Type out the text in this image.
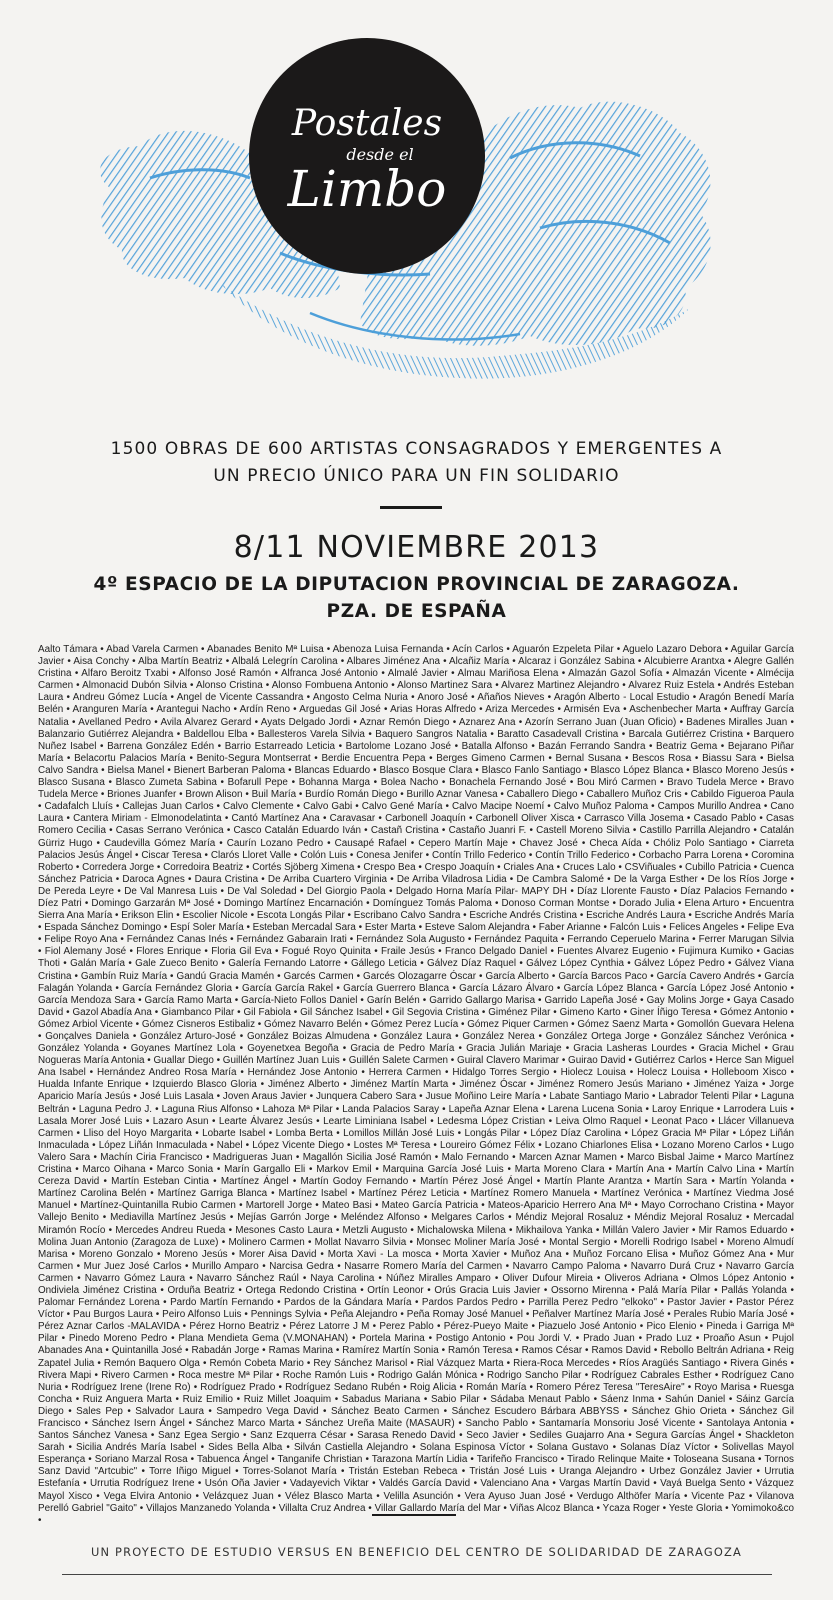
Postales
desde el
Limbo
1500 OBRAS DE 600 ARTISTAS CONSAGRADOS Y EMERGENTES A
UN PRECIO ÚNICO PARA UN FIN SOLIDARIO
8/11 NOVIEMBRE 2013
4º ESPACIO DE LA DIPUTACION PROVINCIAL DE ZARAGOZA.
PZA. DE ESPAÑA
Aalto Támara • Abad Varela Carmen • Abanades Benito Mª Luisa • Abenoza Luisa Fernanda • Acín Carlos • Aguarón Ezpeleta Pilar • Aguelo Lazaro Debora • Aguilar García Javier • Aisa Conchy • Alba Martín Beatriz • Albalá Lelegrín Carolina • Albares Jiménez Ana • Alcañiz María • Alcaraz i González Sabina • Alcubierre Arantxa • Alegre Gallén Cristina • Alfaro Beroitz Txabi • Alfonso José Ramón • Alfranca José Antonio • Almalé Javier • Almau Mariñosa Elena • Almazán Gazol Sofía • Almazán Vicente • Almécija Carmen • Almonacid Dubón Silvia • Alonso Cristina • Alonso Fombuena Antonio • Alonso Martinez Sara • Alvarez Martinez Alejandro • Alvarez Ruiz Estela • Andrés Esteban Laura • Andreu Gómez Lucía • Angel de Vicente Cassandra • Angosto Celma Nuria • Anoro José • Añaños Nieves • Aragón Alberto - Local Estudio • Aragón Benedí María Belén • Aranguren María • Arantegui Nacho • Ardín Reno • Arguedas Gil José • Arias Horas Alfredo • Ariza Mercedes • Armisén Eva • Aschenbecher Marta • Auffray García Natalia • Avellaned Pedro • Avila Alvarez Gerard • Ayats Delgado Jordi • Aznar Remón Diego • Aznarez Ana • Azorín Serrano Juan (Juan Oficio) • Badenes Miralles Juan • Balanzario Gutiérrez Alejandra • Baldellou Elba • Ballesteros Varela Silvia • Baquero Sangros Natalia • Baratto Casadevall Cristina • Barcala Gutiérrez Cristina • Barquero Nuñez Isabel • Barrena González Edén • Barrio Estarreado Leticia • Bartolome Lozano José • Batalla Alfonso • Bazán Ferrando Sandra • Beatriz Gema • Bejarano Piñar María • Belacortu Palacios María • Benito-Segura Montserrat • Berdie Encuentra Pepa • Berges Gimeno Carmen • Bernal Susana • Bescos Rosa • Biassu Sara • Bielsa Calvo Sandra • Bielsa Manel • Bienert Barberan Paloma • Blancas Eduardo • Blasco Bosque Clara • Blasco Fanlo Santiago • Blasco López Blanca • Blasco Moreno Jesús • Blasco Susana • Blasco Zumeta Sabina • Bofarull Pepe • Bohanna Marga • Bolea Nacho • Bonachela Fernando José • Bou Miró Carmen • Bravo Tudela Merce • Bravo Tudela Merce • Briones Juanfer • Brown Alison • Buil María • Burdío Román Diego • Burillo Aznar Vanesa • Caballero Diego • Caballero Muñoz Cris • Cabildo Figueroa Paula • Cadafalch Lluís • Callejas Juan Carlos • Calvo Clemente • Calvo Gabi • Calvo Gené María • Calvo Macipe Noemí • Calvo Muñoz Paloma • Campos Murillo Andrea • Cano Laura • Cantera Miriam - Elmonodelatinta • Cantó Martínez Ana • Caravasar • Carbonell Joaquín • Carbonell Oliver Xisca • Carrasco Villa Josema • Casado Pablo • Casas Romero Cecilia • Casas Serrano Verónica • Casco Catalán Eduardo Iván • Castañ Cristina • Castaño Juanri F. • Castell Moreno Silvia • Castillo Parrilla Alejandro • Catalán Gürriz Hugo • Caudevilla Gómez María • Caurín Lozano Pedro • Causapé Rafael • Cepero Martín Maje • Chavez José • Checa Aída • Chóliz Polo Santiago • Ciarreta Palacios Jesús Ángel • Ciscar Teresa • Clarós Lloret Valle • Colón Luis • Conesa Jenifer • Contín Trillo Federico • Contín Trillo Federico • Corbacho Parra Lorena • Coromina Roberto • Corredera Jorge • Corredoira Beatriz • Cortés Sjöberg Ximena • Crespo Bea • Crespo Joaquín • Criales Ana • Cruces Lalo • CSViñuales • Cubillo Patricia • Cuenca Sánchez Patricia • Daroca Agnes • Daura Cristina • De Arriba Cuartero Virginia • De Arriba Viladrosa Lidia • De Cambra Salomé • De la Varga Esther • De los Ríos Jorge • De Pereda Leyre • De Val Manresa Luis • De Val Soledad • Del Giorgio Paola • Delgado Horna María Pilar- MAPY DH • Díaz Llorente Fausto • Díaz Palacios Fernando • Díez Patri • Domingo Garzarán Mª José • Domingo Martínez Encarnación • Domínguez Tomás Paloma • Donoso Corman Montse • Dorado Julia • Elena Arturo • Encuentra Sierra Ana María • Erikson Elin • Escolier Nicole • Escota Longás Pilar • Escribano Calvo Sandra • Escriche Andrés Cristina • Escriche Andrés Laura • Escriche Andrés María • Espada Sánchez Domingo • Espí Soler María • Esteban Mercadal Sara • Ester Marta • Esteve Salom Alejandra • Faber Arianne • Falcón Luis • Felices Angeles • Felipe Eva • Felipe Royo Ana • Fernández Canas Inés • Fernández Gabarain Irati • Fernández Sola Augusto • Fernández Paquita • Ferrando Ceperuelo Marina • Ferrer Marugan Silvia • Fiol Alemany José • Flores Enrique • Floria Gil Eva • Fogué Royo Quinita • Fraile Jesús • Franco Delgado Daniel • Fuentes Alvarez Eugenio • Fujimura Kumiko • Gacias Thoti • Galán María • Gale Zueco Benito • Galería Fernando Latorre • Gállego Leticia • Gálvez Díaz Raquel • Gálvez López Cynthia • Gálvez López Pedro • Gálvez Viana Cristina • Gambín Ruiz María • Gandú Gracia Mamén • Garcés Carmen • Garcés Olozagarre Óscar • García Alberto • García Barcos Paco • García Cavero Andrés • García Falagán Yolanda • García Fernández Gloria • García García Rakel • García Guerrero Blanca • García Lázaro Álvaro • García López Blanca • García López José Antonio • García Mendoza Sara • García Ramo Marta • García-Nieto Follos Daniel • Garín Belén • Garrido Gallargo Marisa • Garrido Lapeña José • Gay Molins Jorge • Gaya Casado David • Gazol Abadía Ana • Giambanco Pilar • Gil Fabiola • Gil Sánchez Isabel • Gil Segovia Cristina • Giménez Pilar • Gimeno Karto • Giner Íñigo Teresa • Gómez Antonio • Gómez Arbiol Vicente • Gómez Cisneros Estibaliz • Gómez Navarro Belén • Gómez Perez Lucía • Gómez Piquer Carmen • Gómez Saenz Marta • Gomollón Guevara Helena • Gonçalves Daniela • González Arturo-José • González Boizas Almudena • González Laura • González Nerea • González Ortega Jorge • González Sánchez Verónica • González Yolanda • Goyanes Martínez Lola • Goyenetxea Begoña • Gracia de Pedro María • Gracia Julián Mariaje • Gracia Lasheras Lourdes • Gracia Michel • Grau Nogueras María Antonia • Guallar Diego • Guillén Martínez Juan Luis • Guillén Salete Carmen • Guiral Clavero Marimar • Guirao David • Gutiérrez Carlos • Herce San Miguel Ana Isabel • Hernández Andreo Rosa María • Hernández Jose Antonio • Herrera Carmen • Hidalgo Torres Sergio • Hiolecz Louisa • Holecz Louisa • Holleboom Xisco • Hualda Infante Enrique • Izquierdo Blasco Gloria • Jiménez Alberto • Jiménez Martín Marta • Jiménez Óscar • Jiménez Romero Jesús Mariano • Jiménez Yaiza • Jorge Aparicio María Jesús • José Luis Lasala • Joven Araus Javier • Junquera Cabero Sara • Jusue Moñino Leire María • Labate Santiago Mario • Labrador Telenti Pilar • Laguna Beltrán • Laguna Pedro J. • Laguna Rius Alfonso • Lahoza Mª Pilar • Landa Palacios Saray • Lapeña Aznar Elena • Larena Lucena Sonia • Laroy Enrique • Larrodera Luis • Lasala Morer José Luis • Lazaro Asun • Learte Álvarez Jesús • Learte Liminiana Isabel • Ledesma López Cristian • Leiva Olmo Raquel • Leonat Paco • Llácer Villanueva Carmen • Lliso del Hoyo Margarita • Lobarte Isabel • Lomba Berta • Lomillos Millán José Luis • Longás Pilar • López Díaz Carolina • López Gracia Mª Pilar • López Liñán Inmaculada • López Liñán Inmaculada • Nabel • López Vicente Diego • Lostes Mª Teresa • Loureiro Gómez Félix • Lozano Chiarlones Elisa • Lozano Moreno Carlos • Lugo Valero Sara • Machín Ciria Francisco • Madrigueras Juan • Magallón Sicilia José Ramón • Malo Fernando • Marcen Aznar Mamen • Marco Bisbal Jaime • Marco Martínez Cristina • Marco Oihana • Marco Sonia • Marín Gargallo Eli • Markov Emil • Marquina García José Luis • Marta Moreno Clara • Martín Ana • Martín Calvo Lina • Martín Cereza David • Martín Esteban Cintia • Martínez Ángel • Martín Godoy Fernando • Martín Pérez José Ángel • Martín Plante Arantza • Martín Sara • Martín Yolanda • Martínez Carolina Belén • Martínez Garriga Blanca • Martínez Isabel • Martínez Pérez Leticia • Martínez Romero Manuela • Martínez Verónica • Martínez Viedma José Manuel • Martínez-Quintanilla Rubio Carmen • Martorell Jorge • Mateo Basi • Mateo García Patricia • Mateos-Aparicio Herrero Ana Mª • Mayo Corrochano Cristina • Mayor Vallejo Benito • Mediavilla Martínez Jesús • Mejías Garrón Jorge • Meléndez Alfonso • Melgares Carlos • Méndiz Mejoral Rosaluz • Méndiz Mejoral Rosaluz • Mercadal Miramón Rocío • Mercedes Andreu Rueda • Mesones Casto Laura • Metzli Augusto • Michalowska Milena • Mikhailova Yanka • Millán Valero Javier • Mir Ramos Eduardo • Molina Juan Antonio (Zaragoza de Luxe) • Molinero Carmen • Mollat Navarro Silvia • Monsec Moliner María José • Montal Sergio • Morelli Rodrigo Isabel • Moreno Almudí Marisa • Moreno Gonzalo • Moreno Jesús • Morer Aisa David • Morta Xavi - La mosca • Morta Xavier • Muñoz Ana • Muñoz Forcano Elisa • Muñoz Gómez Ana • Mur Carmen • Mur Juez José Carlos • Murillo Amparo • Narcisa Gedra • Nasarre Romero María del Carmen • Navarro Campo Paloma • Navarro Durá Cruz • Navarro García Carmen • Navarro Gómez Laura • Navarro Sánchez Raúl • Naya Carolina • Núñez Miralles Amparo • Oliver Dufour Mireia • Oliveros Adriana • Olmos López Antonio • Ondiviela Jiménez Cristina • Orduña Beatriz • Ortega Redondo Cristina • Ortín Leonor • Orús Gracia Luis Javier • Ossorno Mirenna • Palá María Pilar • Pallás Yolanda • Palomar Fernández Lorena • Pardo Martín Fernando • Pardos de la Gándara María • Pardos Pardos Pedro • Parrilla Perez Pedro "elkoko" • Pastor Javier • Pastor Pérez Víctor • Pau Burgos Laura • Peiro Alfonso Luis • Pennings Sylvia • Peña Alejandro • Peña Romay José Manuel • Peñalver Martínez María José • Perales Rubio María José • Pérez Aznar Carlos -MALAVIDA • Pérez Horno Beatriz • Pérez Latorre J M • Perez Pablo • Pérez-Pueyo Maite • Piazuelo José Antonio • Pico Elenio • Pineda i Garriga Mª Pilar • Pinedo Moreno Pedro • Plana Mendieta Gema (V.MONAHAN) • Portela Marina • Postigo Antonio • Pou Jordi V. • Prado Juan • Prado Luz • Proaño Asun • Pujol Abanades Ana • Quintanilla José • Rabadán Jorge • Ramas Marina • Ramírez Martín Sonia • Ramón Teresa • Ramos César • Ramos David • Rebollo Beltrán Adriana • Reig Zapatel Julia • Remón Baquero Olga • Remón Cobeta Mario • Rey Sánchez Marisol • Rial Vázquez Marta • Riera-Roca Mercedes • Ríos Aragüés Santiago • Rivera Ginés • Rivera Mapi • Rivero Carmen • Roca mestre Mª Pilar • Roche Ramón Luis • Rodrigo Galán Mónica • Rodrigo Sancho Pilar • Rodríguez Cabrales Esther • Rodríguez Cano Nuria • Rodríguez Irene (Irene Ro) • Rodríguez Prado • Rodríguez Sedano Rubén • Roig Alicia • Román María • Romero Pérez Teresa "TeresAire" • Royo Marisa • Ruesga Concha • Ruiz Anguera Marta • Ruiz Emilio • Ruiz Millet Joaquim • Sabadus Mariana • Sabio Pilar • Sádaba Menaut Pablo • Sáenz Inma • Sahún Daniel • Sáinz García Diego • Sales Pep • Salvador Laura • Sampedro Vega David • Sánchez Beato Carmen • Sánchez Escudero Bárbara ABBYSS • Sánchez Ghio Orieta • Sánchez Gil Francisco • Sánchez Isern Ángel • Sánchez Marco Marta • Sánchez Ureña Maite (MASAUR) • Sancho Pablo • Santamaría Monsoriu José Vicente • Santolaya Antonia • Santos Sánchez Vanesa • Sanz Egea Sergio • Sanz Ezquerra César • Sarasa Renedo David • Seco Javier • Sediles Guajarro Ana • Segura Garcías Ángel • Shackleton Sarah • Sicilia Andrés María Isabel • Sides Bella Alba • Silván Castiella Alejandro • Solana Espinosa Víctor • Solana Gustavo • Solanas Díaz Víctor • Solivellas Mayol Esperança • Soriano Marzal Rosa • Tabuenca Ángel • Tanganife Christian • Tarazona Martín Lidia • Tarifeño Francisco • Tirado Relinque Maite • Toloseana Susana • Tornos Sanz David "Artcubic" • Torre Iñigo Miguel • Torres-Solanot María • Tristán Esteban Rebeca • Tristán José Luis • Uranga Alejandro • Urbez González Javier • Urrutia Estefanía • Urrutia Rodríguez Irene • Usón Oña Javier • Vadayevich Viktar • Valdés García David • Valenciano Ana • Vargas Martín David • Vayá Buelga Sento • Vázquez Mayol Xisco • Vega Elvira Antonio • Velázquez Juan • Vélez Blasco Marta • Velilla Asunción • Vera Ayuso Juan José • Verdugo Althöfer María • Vicente Paz • Vilanova Perelló Gabriel "Gaito" • Villajos Manzanedo Yolanda • Villalta Cruz Andrea • Villar Gallardo María del Mar • Viñas Alcoz Blanca • Ycaza Roger • Yeste Gloria • Yomimoko&co •
UN PROYECTO DE ESTUDIO VERSUS EN BENEFICIO DEL CENTRO DE SOLIDARIDAD DE ZARAGOZA
